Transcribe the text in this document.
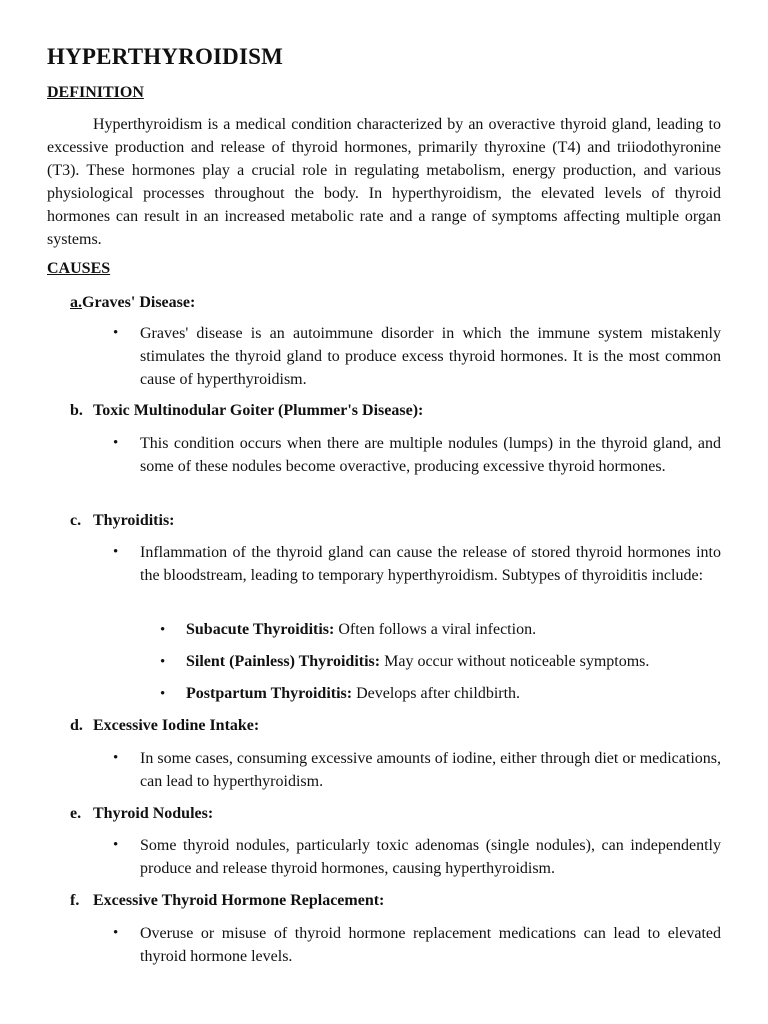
HYPERTHYROIDISM
DEFINITION

Hyperthyroidism is a medical condition characterized by an overactive thyroid gland, leading to excessive production and release of thyroid hormones, primarily thyroxine (T4) and triiodothyronine (T3). These hormones play a crucial role in regulating metabolism, energy production, and various physiological processes throughout the body. In hyperthyroidism, the elevated levels of thyroid hormones can result in an increased metabolic rate and a range of symptoms affecting multiple organ systems.

CAUSES
a.Graves' Disease:
• Graves' disease is an autoimmune disorder in which the immune system mistakenly stimulates the thyroid gland to produce excess thyroid hormones. It is the most common cause of hyperthyroidism.
b. Toxic Multinodular Goiter (Plummer's Disease):
• This condition occurs when there are multiple nodules (lumps) in the thyroid gland, and some of these nodules become overactive, producing excessive thyroid hormones.
c. Thyroiditis:
• Inflammation of the thyroid gland can cause the release of stored thyroid hormones into the bloodstream, leading to temporary hyperthyroidism. Subtypes of thyroiditis include:
• Subacute Thyroiditis: Often follows a viral infection.
• Silent (Painless) Thyroiditis: May occur without noticeable symptoms.
• Postpartum Thyroiditis: Develops after childbirth.
d. Excessive Iodine Intake:
• In some cases, consuming excessive amounts of iodine, either through diet or medications, can lead to hyperthyroidism.
e. Thyroid Nodules:
• Some thyroid nodules, particularly toxic adenomas (single nodules), can independently produce and release thyroid hormones, causing hyperthyroidism.
f. Excessive Thyroid Hormone Replacement:
• Overuse or misuse of thyroid hormone replacement medications can lead to elevated thyroid hormone levels.
